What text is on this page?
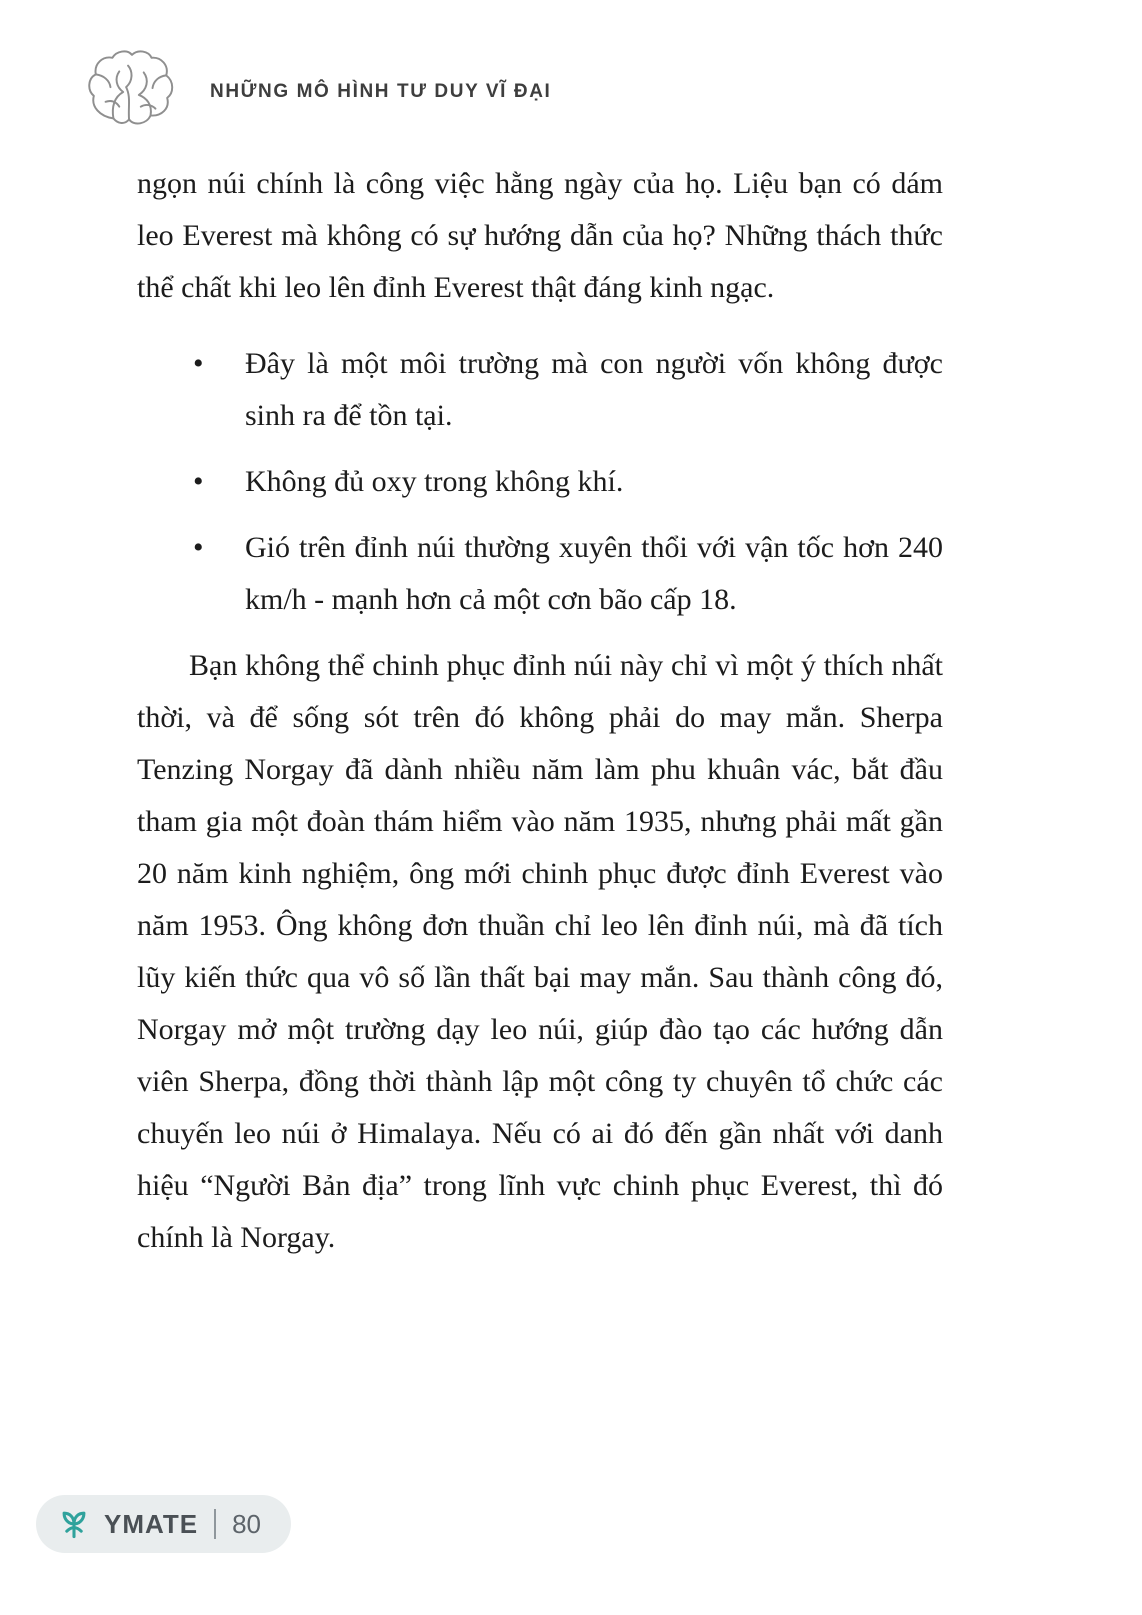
NHỮNG MÔ HÌNH TƯ DUY VĨ ĐẠI

ngọn núi chính là công việc hằng ngày của họ. Liệu bạn có dám leo Everest mà không có sự hướng dẫn của họ? Những thách thức thể chất khi leo lên đỉnh Everest thật đáng kinh ngạc.

• Đây là một môi trường mà con người vốn không được sinh ra để tồn tại.
• Không đủ oxy trong không khí.
• Gió trên đỉnh núi thường xuyên thổi với vận tốc hơn 240 km/h - mạnh hơn cả một cơn bão cấp 18.

Bạn không thể chinh phục đỉnh núi này chỉ vì một ý thích nhất thời, và để sống sót trên đó không phải do may mắn. Sherpa Tenzing Norgay đã dành nhiều năm làm phu khuân vác, bắt đầu tham gia một đoàn thám hiểm vào năm 1935, nhưng phải mất gần 20 năm kinh nghiệm, ông mới chinh phục được đỉnh Everest vào năm 1953. Ông không đơn thuần chỉ leo lên đỉnh núi, mà đã tích lũy kiến thức qua vô số lần thất bại may mắn. Sau thành công đó, Norgay mở một trường dạy leo núi, giúp đào tạo các hướng dẫn viên Sherpa, đồng thời thành lập một công ty chuyên tổ chức các chuyến leo núi ở Himalaya. Nếu có ai đó đến gần nhất với danh hiệu “Người Bản địa” trong lĩnh vực chinh phục Everest, thì đó chính là Norgay.

YMATE 80
